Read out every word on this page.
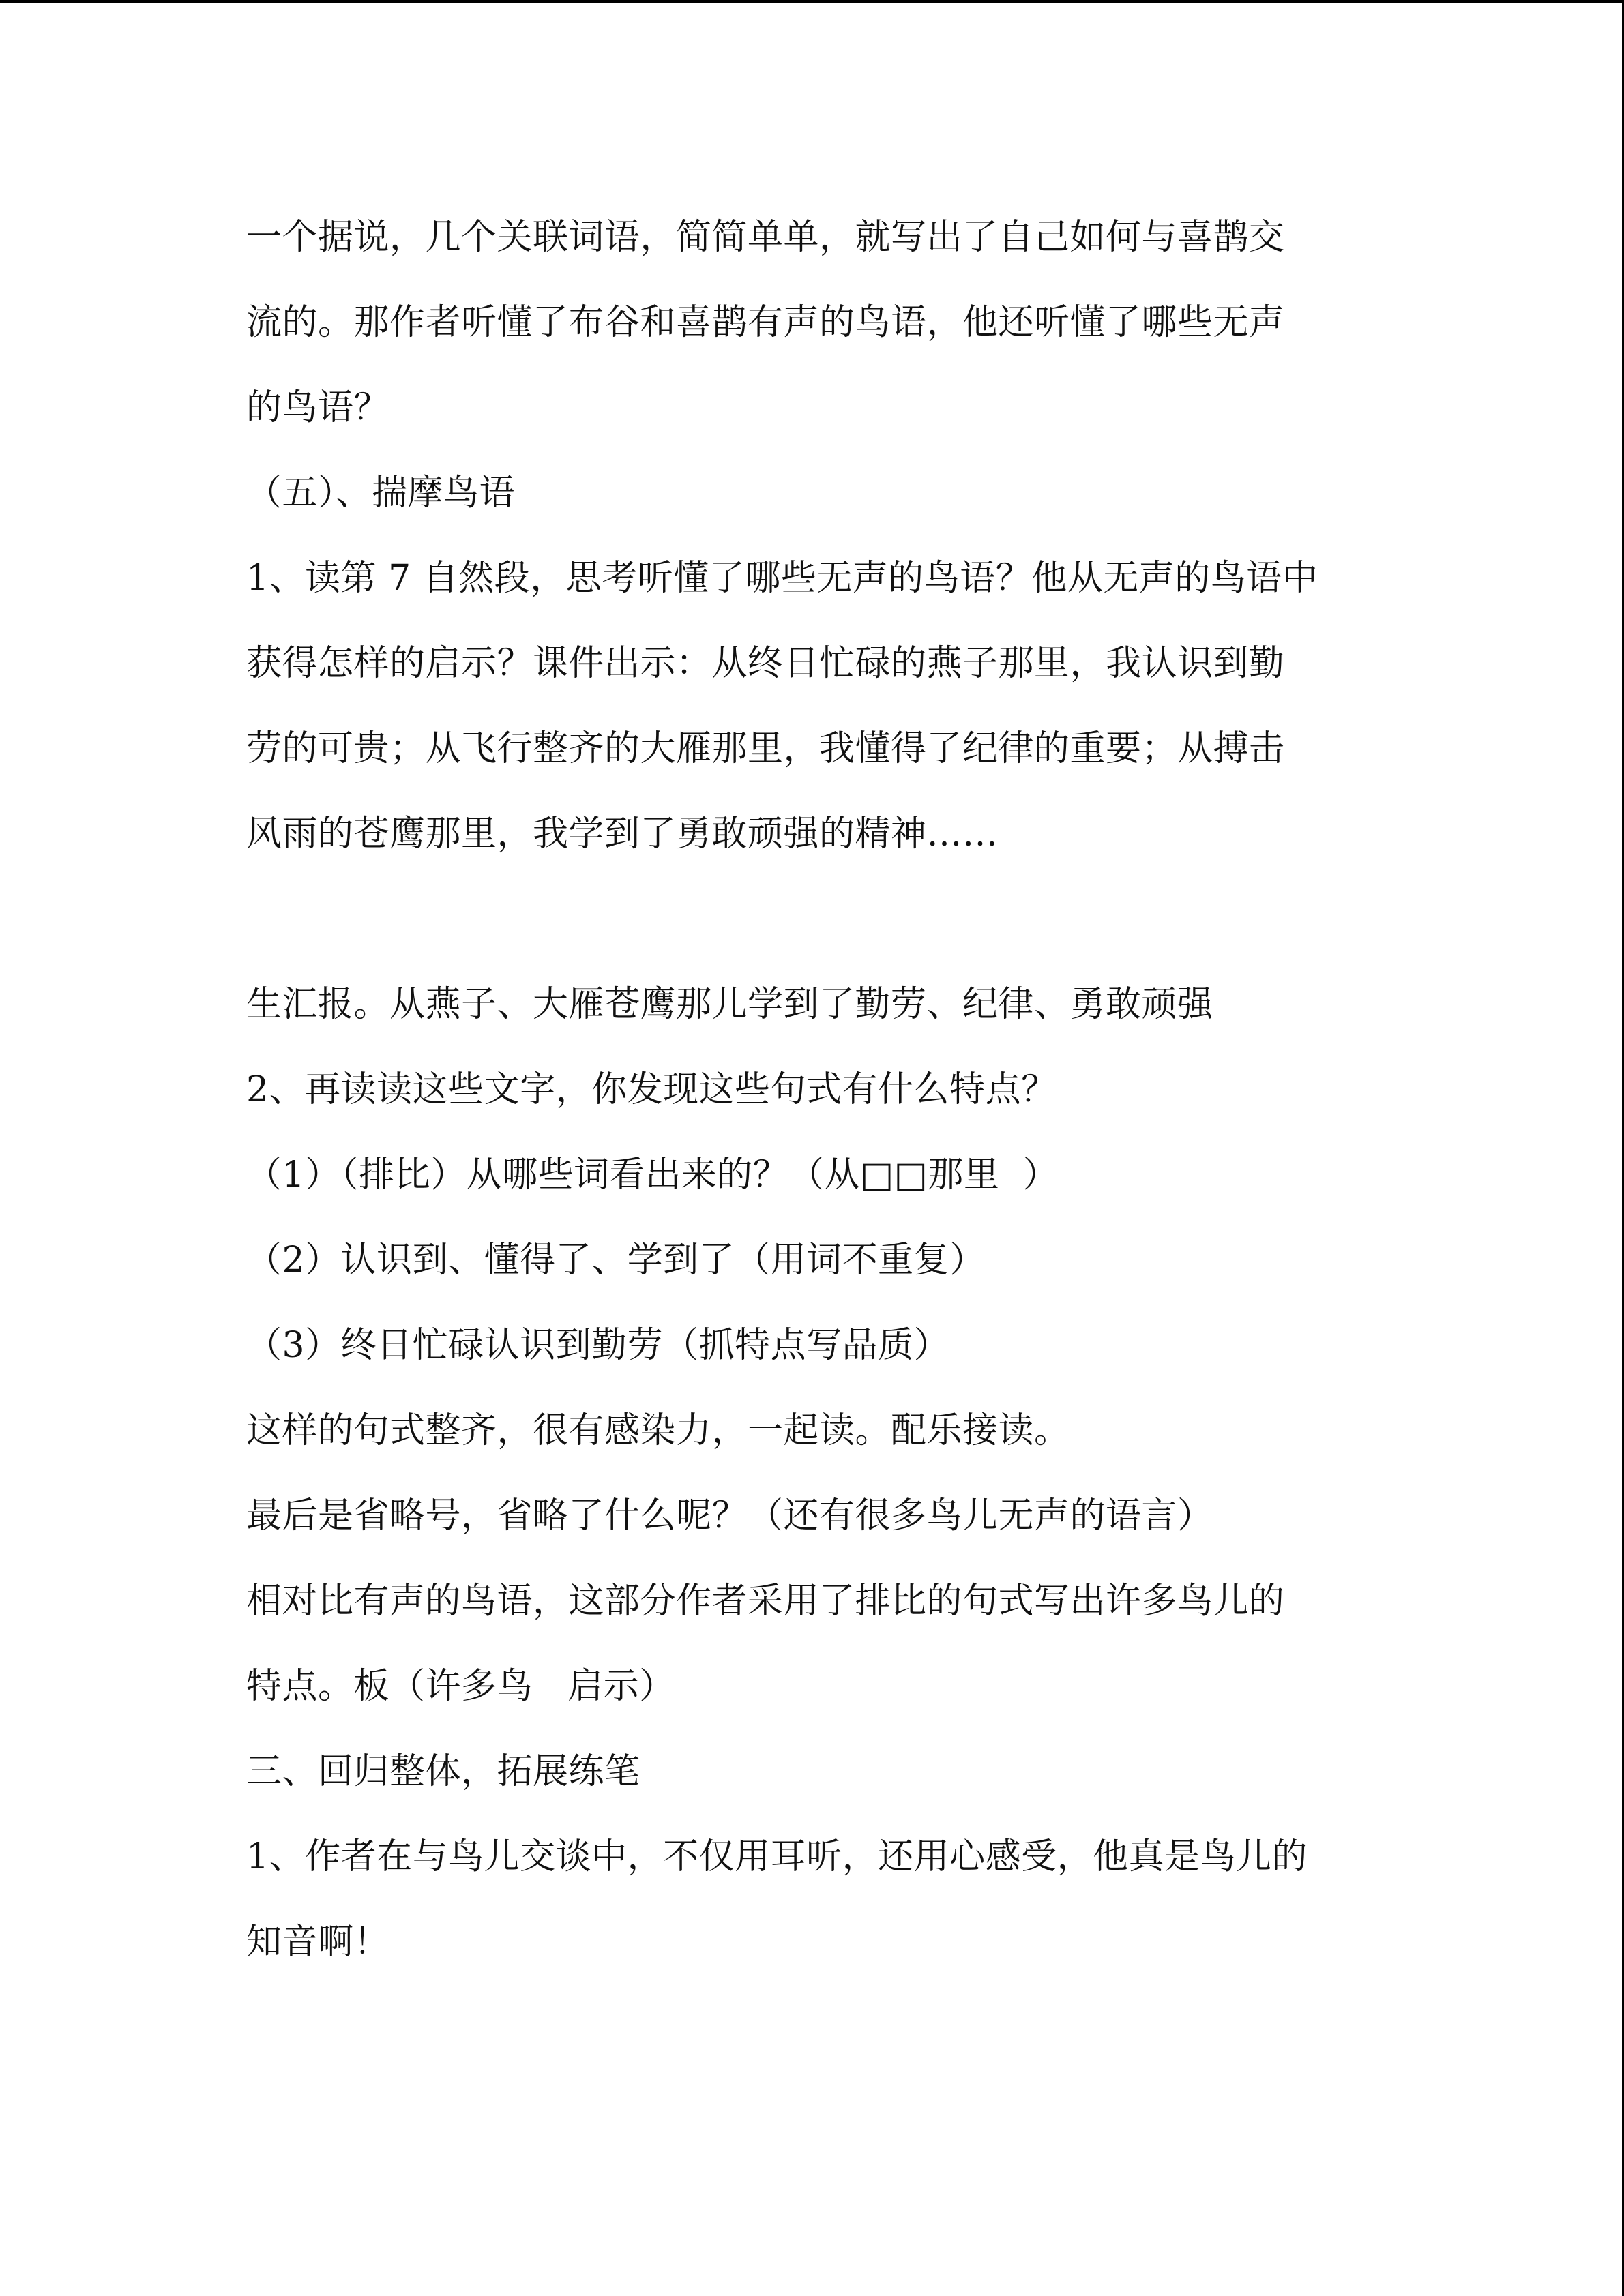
一个据说，几个关联词语，简简单单，就写出了自己如何与喜鹊交
流的。那作者听懂了布谷和喜鹊有声的鸟语，他还听懂了哪些无声
的鸟语？
（五）、揣摩鸟语
1、读第 7 自然段，思考听懂了哪些无声的鸟语？他从无声的鸟语中
获得怎样的启示？课件出示：从终日忙碌的燕子那里，我认识到勤
劳的可贵；从飞行整齐的大雁那里，我懂得了纪律的重要；从搏击
风雨的苍鹰那里，我学到了勇敢顽强的精神……
生汇报。从燕子、大雁苍鹰那儿学到了勤劳、纪律、勇敢顽强
2、再读读这些文字，你发现这些句式有什么特点？
（1）（排比）从哪些词看出来的？（从□□那里  ）
（2）认识到、懂得了、学到了（用词不重复）
（3）终日忙碌认识到勤劳（抓特点写品质）
这样的句式整齐，很有感染力，一起读。配乐接读。
最后是省略号，省略了什么呢？（还有很多鸟儿无声的语言）
相对比有声的鸟语，这部分作者采用了排比的句式写出许多鸟儿的
特点。板（许多鸟   启示）
三、回归整体，拓展练笔
1、作者在与鸟儿交谈中，不仅用耳听，还用心感受，他真是鸟儿的
知音啊！
